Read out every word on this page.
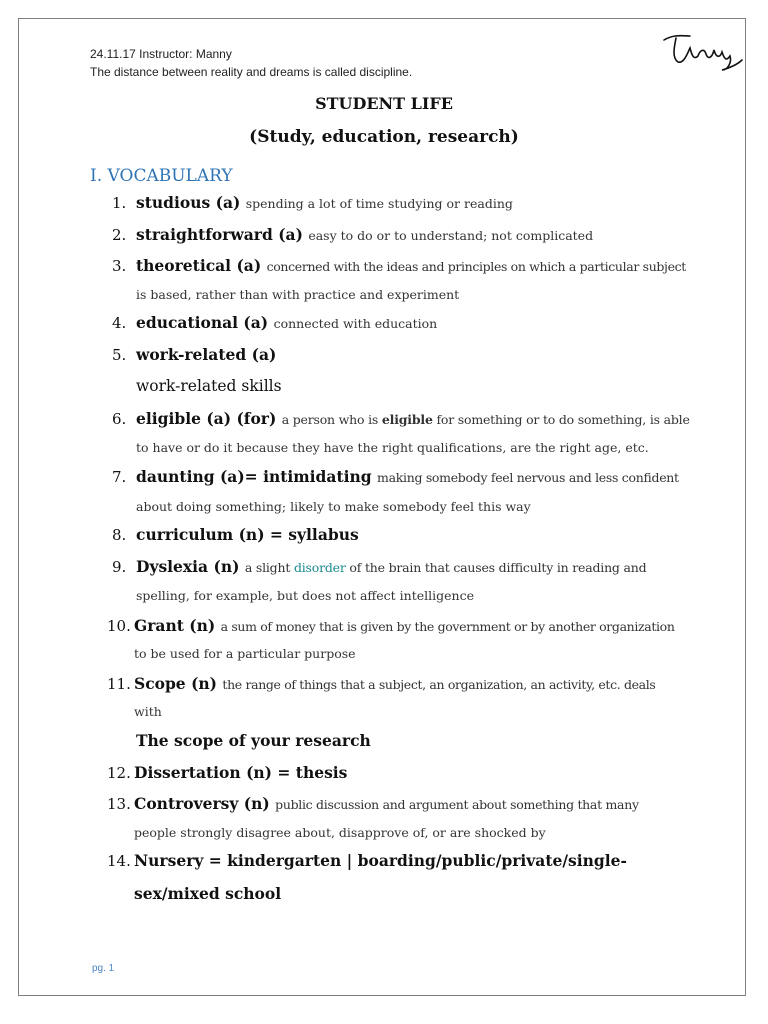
24.11.17 Instructor: Manny
The distance between reality and dreams is called discipline.
STUDENT LIFE
(Study, education, research)
I. VOCABULARY
1. studious (a) spending a lot of time studying or reading
2. straightforward (a) easy to do or to understand; not complicated
3. theoretical (a) concerned with the ideas and principles on which a particular subject
is based, rather than with practice and experiment
4. educational (a) connected with education
5. work-related (a)
work-related skills
6. eligible (a) (for) a person who is eligible for something or to do something, is able
to have or do it because they have the right qualifications, are the right age, etc.
7. daunting (a)= intimidating making somebody feel nervous and less confident
about doing something; likely to make somebody feel this way
8. curriculum (n) = syllabus
9. Dyslexia (n) a slight disorder of the brain that causes difficulty in reading and
spelling, for example, but does not affect intelligence
10. Grant (n) a sum of money that is given by the government or by another organization
to be used for a particular purpose
11. Scope (n) the range of things that a subject, an organization, an activity, etc. deals
with
The scope of your research
12. Dissertation (n) = thesis
13. Controversy (n) public discussion and argument about something that many
people strongly disagree about, disapprove of, or are shocked by
14. Nursery = kindergarten | boarding/public/private/single-
sex/mixed school
pg. 1
